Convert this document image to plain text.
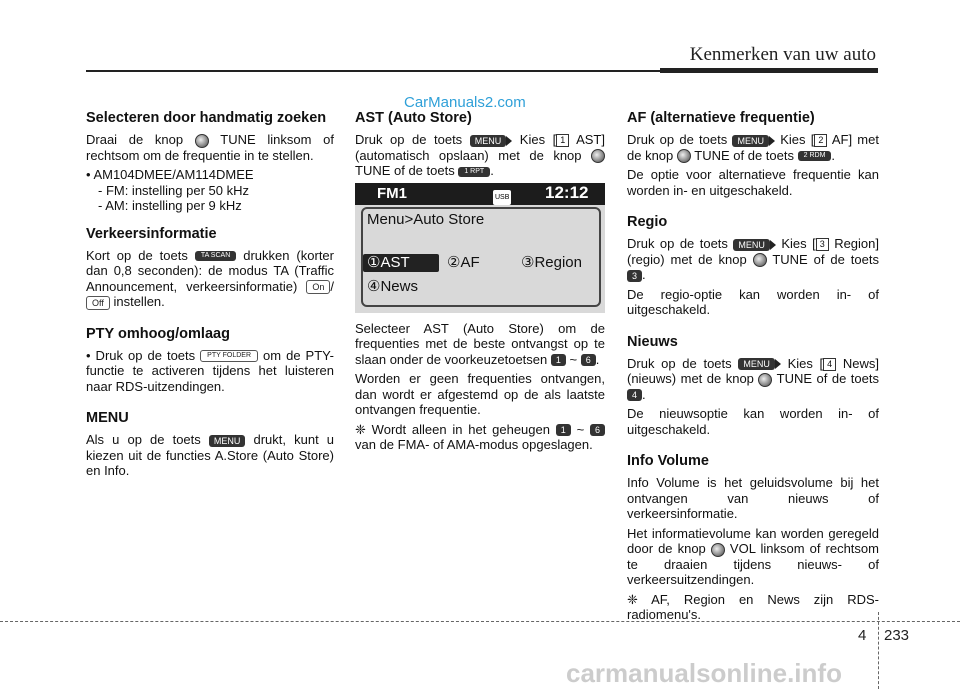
Kenmerken van uw auto
CarManuals2.com
Selecteren door handmatig zoeken

Draai de knop	TUNE linksom of rechtsom om de frequentie in te stellen.

• AM104DMEE/AM114DMEE
- FM: instelling per 50 kHz
- AM: instelling per 9 kHz
Verkeersinformatie

Kort op de toets TA SCAN drukken (korter dan 0,8 seconden): de modus TA (Traffic Announcement, verkeersinformatie) On /Off instellen.

PTY omhoog/omlaag

• Druk op de toets PTY FOLDER om de PTY-functie te activeren tijdens het luisteren naar RDS-uitzendingen.

MENU

Als u op de toets MENU drukt, kunt u kiezen uit de functies A.Store (Auto Store) en Info.

AST (Auto Store)

Druk op de toets MENU Kies [ 1 AST] (automatisch opslaan) met de knop  TUNE of de toets 1 RPT .

FM1	USB 12:12
Menu>Auto Store
①AST ②AF	③Region
④News

Selecteer AST (Auto Store) om de frequenties met de beste ontvangst op te slaan onder de voorkeuzetoetsen 1 ~ 6 .

Worden er geen frequenties ontvangen, dan wordt er afgestemd op de als laatste ontvangen frequentie.

❈ Wordt alleen in het geheugen 1 ~ 6 van de FMA- of AMA-modus opgeslagen.

AF (alternatieve frequentie)

Druk op de toets MENU Kies [ 2 AF] met de knop TUNE of de toets 2 RDM .

De optie voor alternatieve frequentie kan worden in- en uitgeschakeld.

Regio

Druk op de toets MENU Kies [ 3 Region] (regio) met de knop TUNE of de toets 3 .

De regio-optie kan worden in- of uitgeschakeld.

Nieuws

Druk op de toets MENU Kies [ 4 News] (nieuws) met de knop TUNE of de toets 4 .

De nieuwsoptie kan worden in- of uitgeschakeld.

Info Volume

Info Volume is het geluidsvolume bij het ontvangen van nieuws of verkeersinformatie.

Het informatievolume kan worden geregeld door de knop VOL linksom of rechtsom te draaien tijdens nieuws- of verkeersuitzendingen.

❈ AF, Region en News zijn RDS-radiomenu's.

4 233
carmanualsonline.info
